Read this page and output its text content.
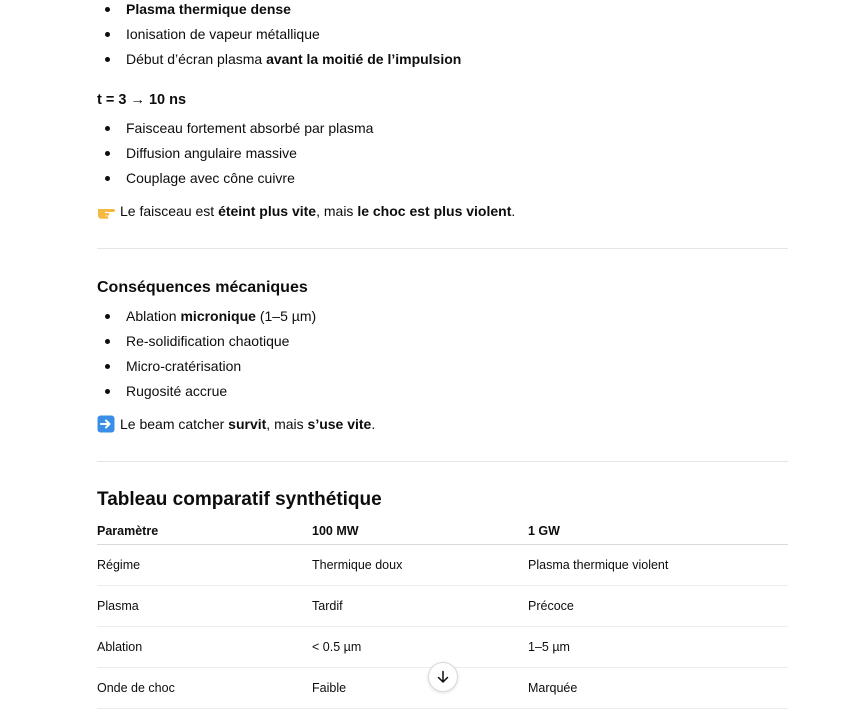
Plasma thermique dense
Ionisation de vapeur métallique
Début d’écran plasma avant la moitié de l’impulsion
t = 3 → 10 ns
Faisceau fortement absorbé par plasma
Diffusion angulaire massive
Couplage avec cône cuivre
Le faisceau est éteint plus vite, mais le choc est plus violent.
Conséquences mécaniques
Ablation micronique (1–5 µm)
Re-solidification chaotique
Micro-cratérisation
Rugosité accrue
Le beam catcher survit, mais s’use vite.
Tableau comparatif synthétique
Paramètre	100 MW	1 GW
Régime	Thermique doux	Plasma thermique violent
Plasma	Tardif	Précoce
Ablation	< 0.5 µm	1–5 µm
Onde de choc	Faible	Marquée
